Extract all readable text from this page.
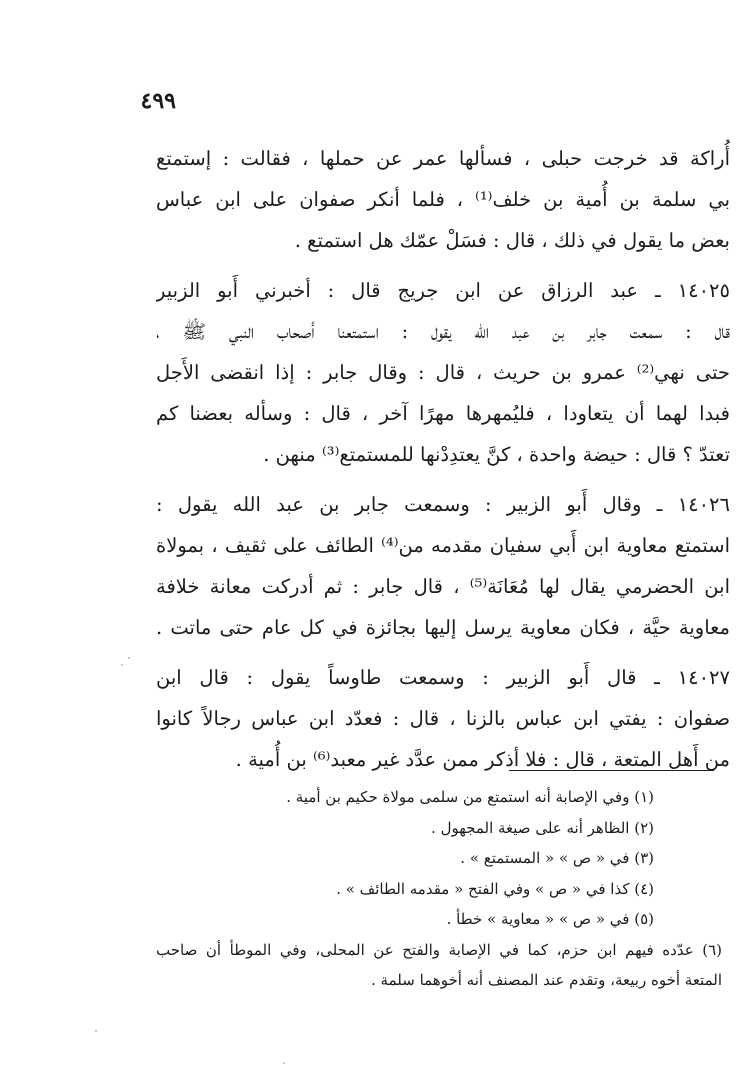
٤٩٩

أُراكة قد خرجت حبلى ، فسألها عمر عن حملها ، فقالت : إستمتع
بي سلمة بن أُمية بن خلف⁽¹⁾ ، فلما أنكر صفوان على ابن عباس
بعض ما يقول في ذلك ، قال : فسَلْ عمّك هل استمتع .

١٤٠٢٥ ـ عبد الرزاق عن ابن جريج قال : أخبرني أَبو الزبير
قال : سمعت جابر بن عبد الله يقول : استمتعنا أَصحاب النبي ﷺ ،
حتى نهي⁽²⁾ عمرو بن حريث ، قال : وقال جابر : إذا انقضى الأَجل
فبدا لهما أن يتعاودا ، فليُمهرها مهرًا آخر ، قال : وسأله بعضنا كم
تعتدّ ؟ قال : حيضة واحدة ، كنَّ يعتدِدْنها للمستمتع⁽³⁾ منهن .

١٤٠٢٦ ـ وقال أَبو الزبير : وسمعت جابر بن عبد الله يقول :
استمتع معاوية ابن أَبي سفيان مقدمه من⁽⁴⁾ الطائف على ثقيف ، بمولاة
ابن الحضرمي يقال لها مُعَانَة⁽⁵⁾ ، قال جابر : ثم أدركت معانة خلافة
معاوية حيَّة ، فكان معاوية يرسل إليها بجائزة في كل عام حتى ماتت .

١٤٠٢٧ ـ قال أَبو الزبير : وسمعت طاوساً يقول : قال ابن
صفوان : يفتي ابن عباس بالزنا ، قال : فعدّد ابن عباس رجالاً كانوا
من أَهل المتعة ، قال : فلا أذكر ممن عدَّد غير معبد⁽⁶⁾ بن أُمية .

(١) وفي الإصابة أنه استمتع من سلمى مولاة حكيم بن أمية .
(٢) الظاهر أنه على صيغة المجهول .
(٣) في « ص » « المستمتع » .
(٤) كذا في « ص » وفي الفتح « مقدمه الطائف » .
(٥) في « ص » « معاوية » خطأ .
(٦) عدّده فيهم ابن حزم، كما في الإصابة والفتح عن المحلى، وفي الموطأ أن صاحب
المتعة أخوه ربيعة، وتقدم عند المصنف أنه أخوهما سلمة .
